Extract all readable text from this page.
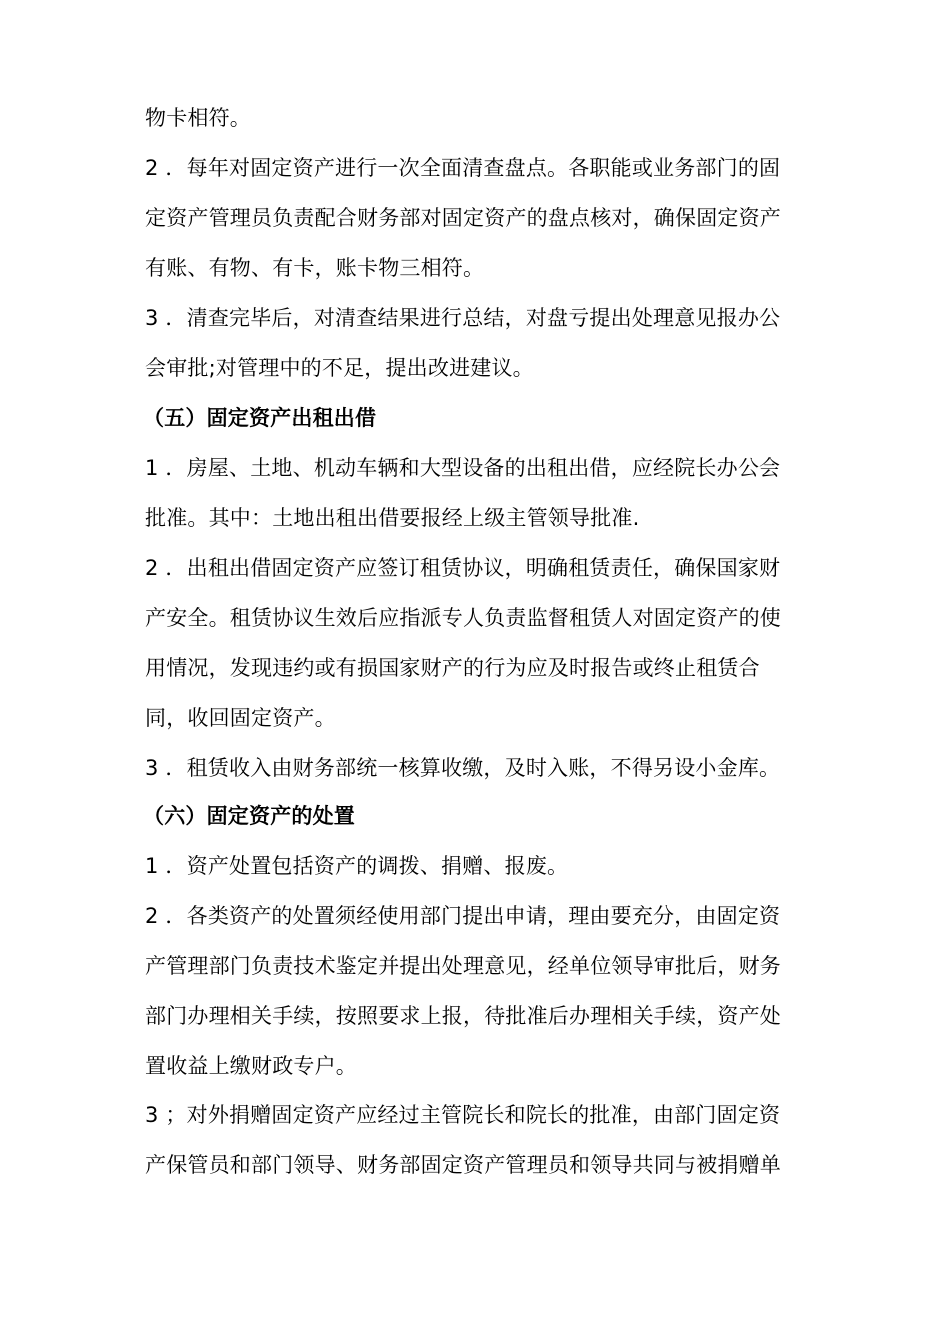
物卡相符。
2 ．每年对固定资产进行一次全面清查盘点。各职能或业务部门的固
定资产管理员负责配合财务部对固定资产的盘点核对，确保固定资产
有账、有物、有卡，账卡物三相符。
3 ．清查完毕后，对清查结果进行总结，对盘亏提出处理意见报办公
会审批;对管理中的不足，提出改进建议。
（五）固定资产出租出借
1 ．房屋、土地、机动车辆和大型设备的出租出借，应经院长办公会
批准。其中：土地出租出借要报经上级主管领导批准.
2 ．出租出借固定资产应签订租赁协议，明确租赁责任，确保国家财
产安全。租赁协议生效后应指派专人负责监督租赁人对固定资产的使
用情况，发现违约或有损国家财产的行为应及时报告或终止租赁合
同，收回固定资产。
3 ．租赁收入由财务部统一核算收缴，及时入账，不得另设小金库。
（六）固定资产的处置
1 ．资产处置包括资产的调拨、捐赠、报废。
2 ．各类资产的处置须经使用部门提出申请，理由要充分，由固定资
产管理部门负责技术鉴定并提出处理意见，经单位领导审批后，财务
部门办理相关手续，按照要求上报，待批准后办理相关手续，资产处
置收益上缴财政专户。
3 ；对外捐赠固定资产应经过主管院长和院长的批准，由部门固定资
产保管员和部门领导、财务部固定资产管理员和领导共同与被捐赠单
